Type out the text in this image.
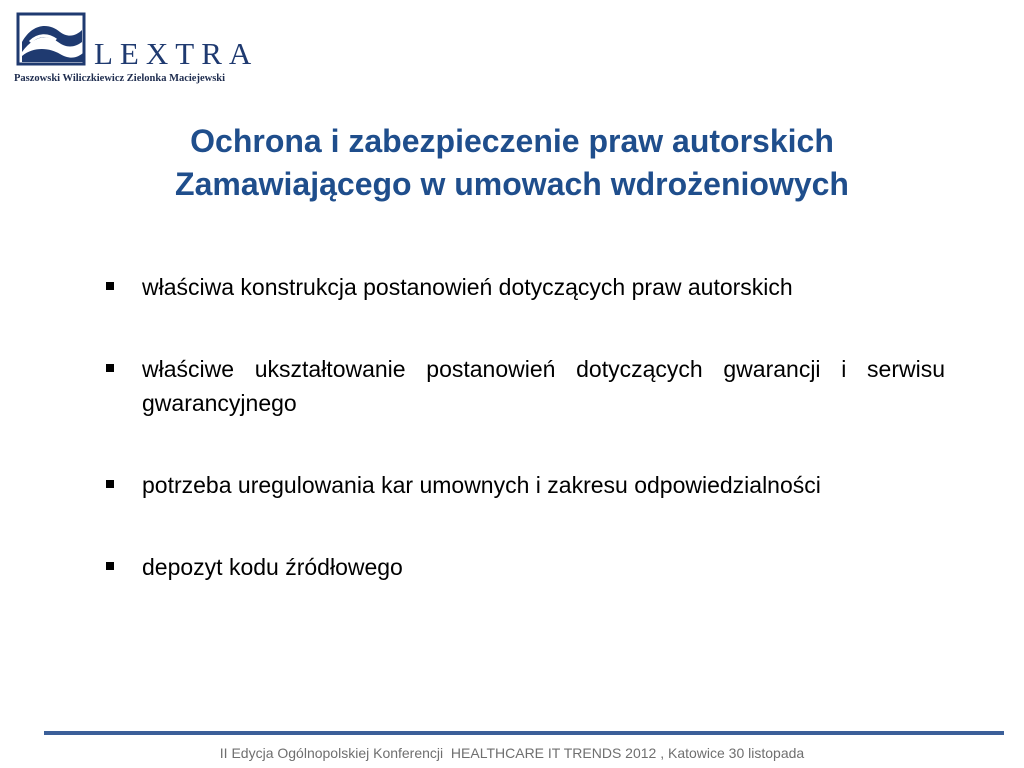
LEXTRA
Paszowski Wiliczkiewicz Zielonka Maciejewski
Ochrona i zabezpieczenie praw autorskich
Zamawiającego w umowach wdrożeniowych
właściwa konstrukcja postanowień dotyczących praw autorskich
właściwe ukształtowanie postanowień dotyczących gwarancji i serwisu gwarancyjnego
potrzeba uregulowania kar umownych i zakresu odpowiedzialności
depozyt kodu źródłowego
II Edycja Ogólnopolskiej Konferencji  HEALTHCARE IT TRENDS 2012 , Katowice 30 listopada
